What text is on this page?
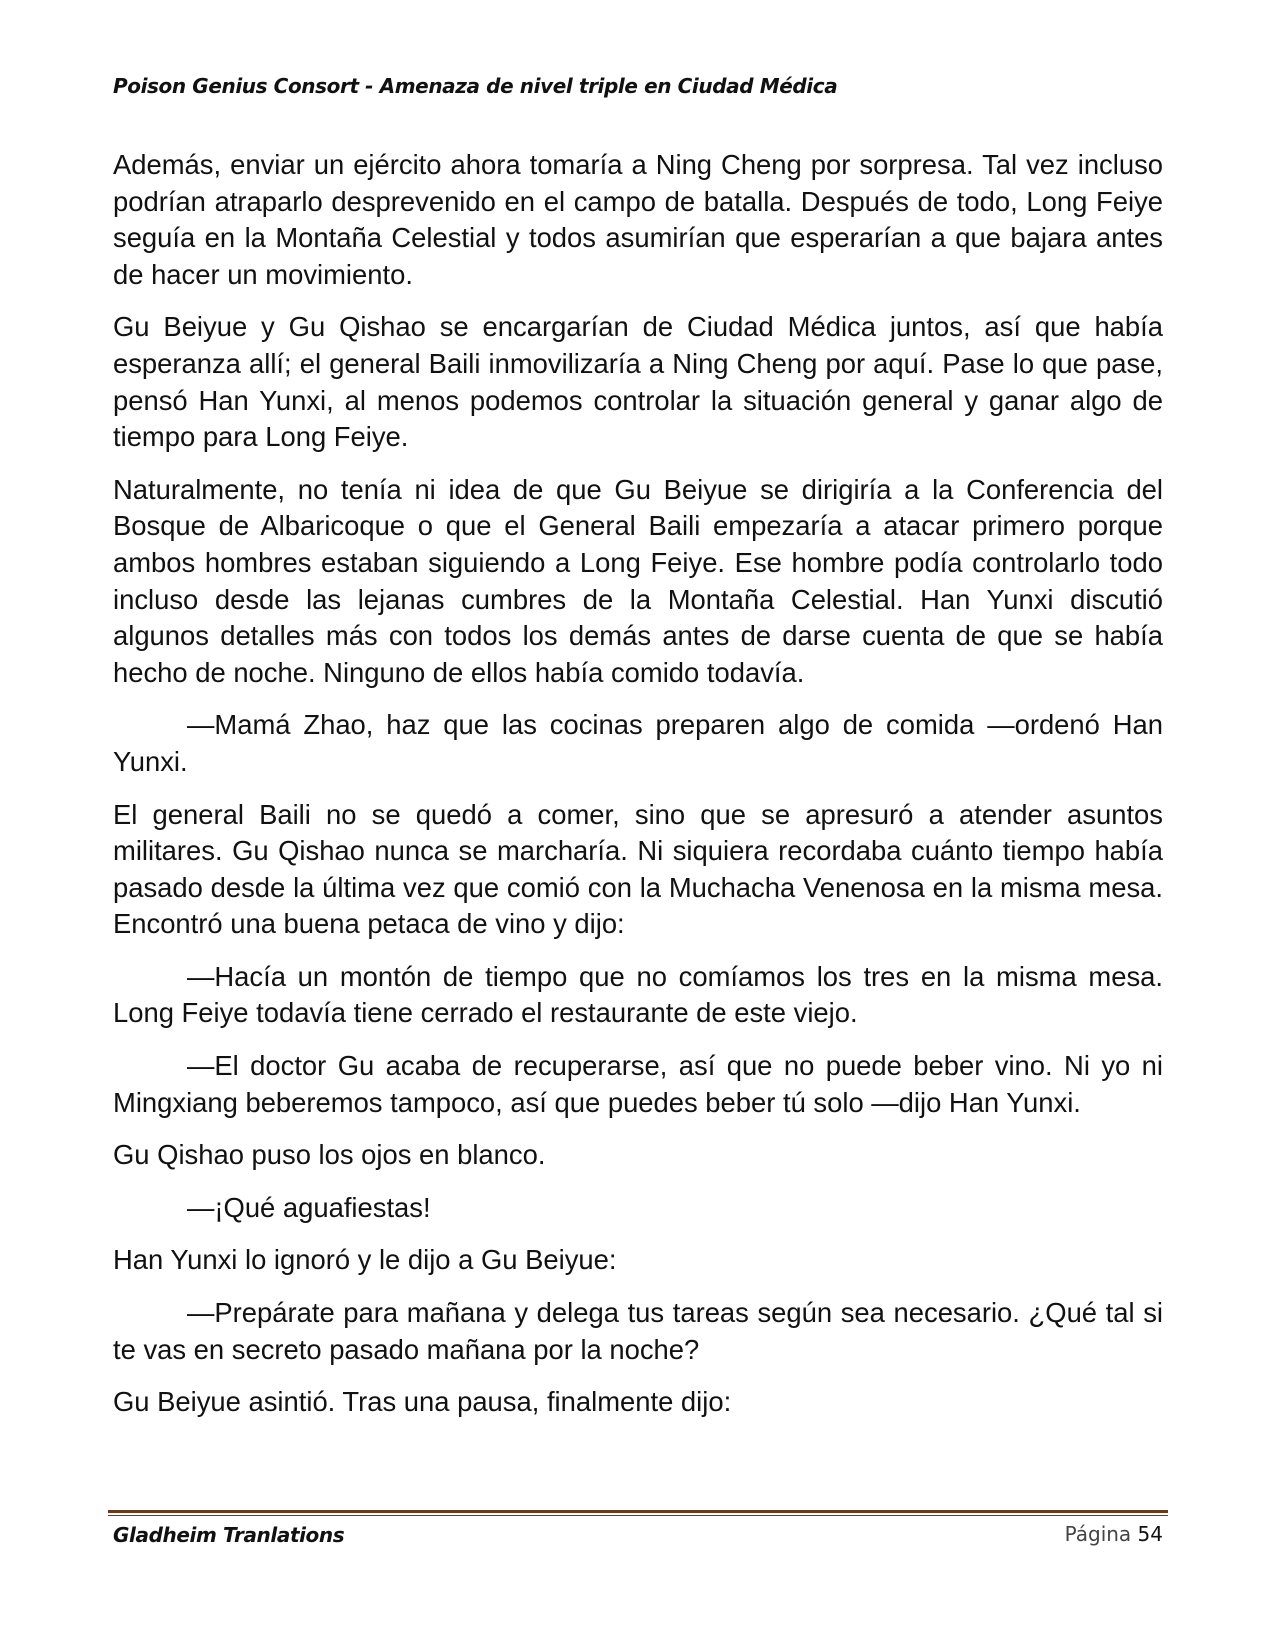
Poison Genius Consort - Amenaza de nivel triple en Ciudad Médica

Además, enviar un ejército ahora tomaría a Ning Cheng por sorpresa. Tal vez incluso podrían atraparlo desprevenido en el campo de batalla. Después de todo, Long Feiye seguía en la Montaña Celestial y todos asumirían que esperarían a que bajara antes de hacer un movimiento.

Gu Beiyue y Gu Qishao se encargarían de Ciudad Médica juntos, así que había esperanza allí; el general Baili inmovilizaría a Ning Cheng por aquí. Pase lo que pase, pensó Han Yunxi, al menos podemos controlar la situación general y ganar algo de tiempo para Long Feiye.

Naturalmente, no tenía ni idea de que Gu Beiyue se dirigiría a la Conferencia del Bosque de Albaricoque o que el General Baili empezaría a atacar primero porque ambos hombres estaban siguiendo a Long Feiye. Ese hombre podía controlarlo todo incluso desde las lejanas cumbres de la Montaña Celestial. Han Yunxi discutió algunos detalles más con todos los demás antes de darse cuenta de que se había hecho de noche. Ninguno de ellos había comido todavía.

—Mamá Zhao, haz que las cocinas preparen algo de comida —ordenó Han Yunxi.

El general Baili no se quedó a comer, sino que se apresuró a atender asuntos militares. Gu Qishao nunca se marcharía. Ni siquiera recordaba cuánto tiempo había pasado desde la última vez que comió con la Muchacha Venenosa en la misma mesa. Encontró una buena petaca de vino y dijo:

—Hacía un montón de tiempo que no comíamos los tres en la misma mesa. Long Feiye todavía tiene cerrado el restaurante de este viejo.

—El doctor Gu acaba de recuperarse, así que no puede beber vino. Ni yo ni Mingxiang beberemos tampoco, así que puedes beber tú solo —dijo Han Yunxi.

Gu Qishao puso los ojos en blanco.

—¡Qué aguafiestas!

Han Yunxi lo ignoró y le dijo a Gu Beiyue:

—Prepárate para mañana y delega tus tareas según sea necesario. ¿Qué tal si te vas en secreto pasado mañana por la noche?

Gu Beiyue asintió. Tras una pausa, finalmente dijo:

Gladheim Tranlations	Página 54
